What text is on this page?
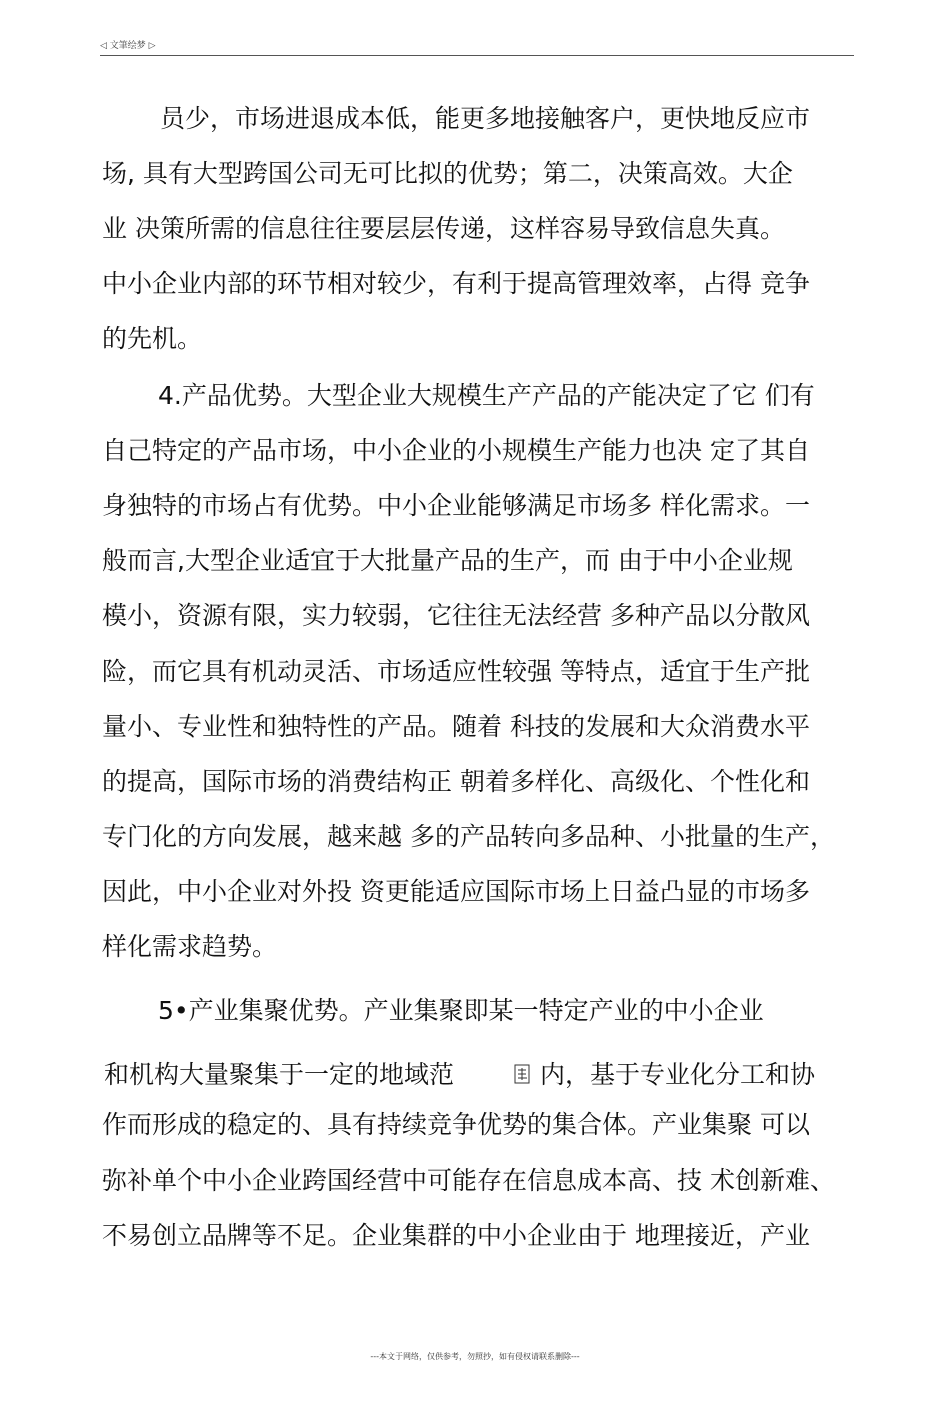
◁ 文筆绘梦 ▷
员少，市场进退成本低，能更多地接触客户，更快地反应市
场, 具有大型跨国公司无可比拟的优势；第二，决策高效。大企
业 决策所需的信息往往要层层传递，这样容易导致信息失真。
中小企业内部的环节相对较少，有利于提高管理效率，占得 竞争
的先机。
4.产品优势。大型企业大规模生产产品的产能决定了它 们有
自己特定的产品市场，中小企业的小规模生产能力也决 定了其自
身独特的市场占有优势。中小企业能够满足市场多 样化需求。一
般而言,大型企业适宜于大批量产品的生产，而 由于中小企业规
模小，资源有限，实力较弱，它往往无法经营 多种产品以分散风
险，而它具有机动灵活、市场适应性较强 等特点，适宜于生产批
量小、专业性和独特性的产品。随着 科技的发展和大众消费水平
的提高，国际市场的消费结构正 朝着多样化、高级化、个性化和
专门化的方向发展，越来越 多的产品转向多品种、小批量的生产，
因此，中小企业对外投 资更能适应国际市场上日益凸显的市场多
样化需求趋势。
5•产业集聚优势。产业集聚即某一特定产业的中小企业
和机构大量聚集于一定的地域范	内，基于专业化分工和协
作而形成的稳定的、具有持续竞争优势的集合体。产业集聚 可以
弥补单个中小企业跨国经营中可能存在信息成本高、技 术创新难、
不易创立品牌等不足。企业集群的中小企业由于 地理接近，产业
---本文于网络，仅供参考，勿照抄，如有侵权请联系删除---
